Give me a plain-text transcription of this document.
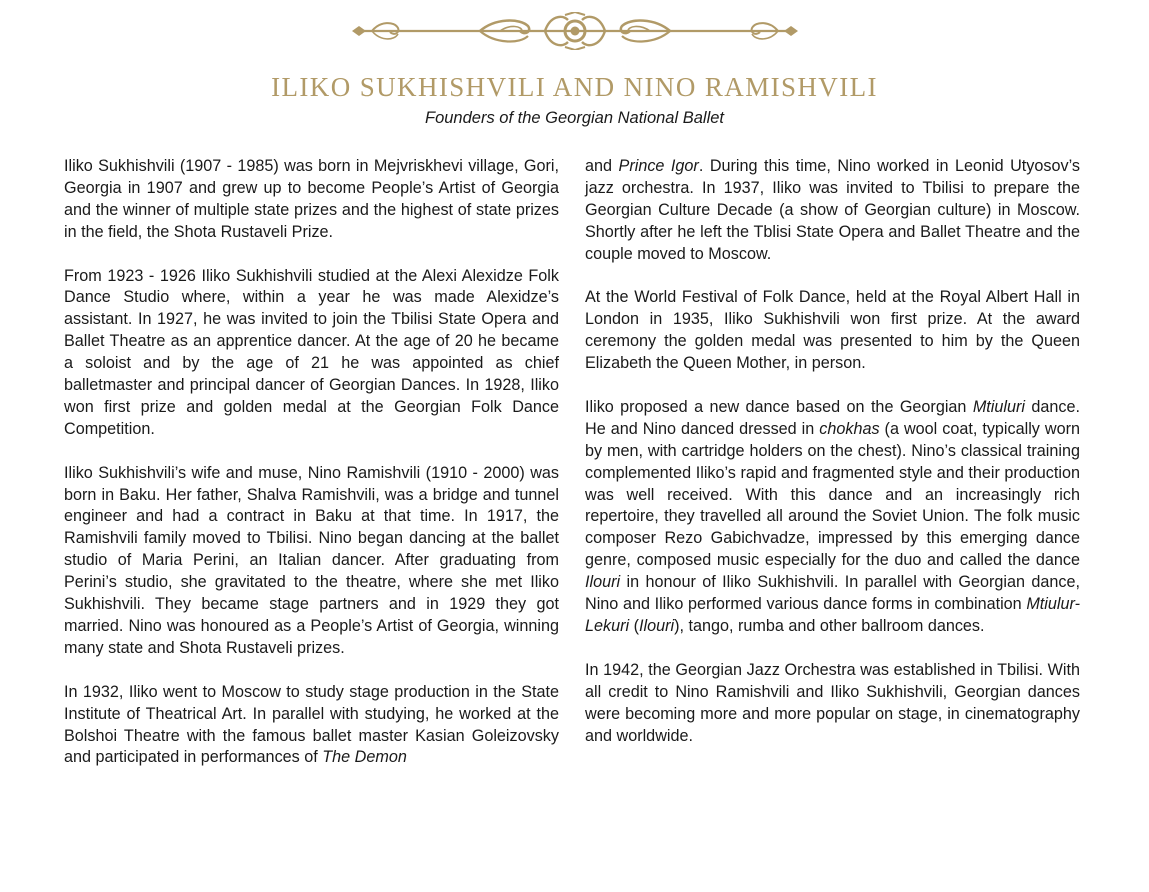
ILIKO SUKHISHVILI AND NINO RAMISHVILI

Founders of the Georgian National Ballet

Iliko Sukhishvili (1907 - 1985) was born in Mejvriskhevi village, Gori, Georgia in 1907 and grew up to become People’s Artist of Georgia and the winner of multiple state prizes and the highest of state prizes in the field, the Shota Rustaveli Prize.

From 1923 - 1926 Iliko Sukhishvili studied at the Alexi Alexidze Folk Dance Studio where, within a year he was made Alexidze’s assistant. In 1927, he was invited to join the Tbilisi State Opera and Ballet Theatre as an apprentice dancer. At the age of 20 he became a soloist and by the age of 21 he was appointed as chief balletmaster and principal dancer of Georgian Dances. In 1928, Iliko won first prize and golden medal at the Georgian Folk Dance Competition.

Iliko Sukhishvili’s wife and muse, Nino Ramishvili (1910 - 2000) was born in Baku. Her father, Shalva Ramishvili, was a bridge and tunnel engineer and had a contract in Baku at that time. In 1917, the Ramishvili family moved to Tbilisi. Nino began dancing at the ballet studio of Maria Perini, an Italian dancer. After graduating from Perini’s studio, she gravitated to the theatre, where she met Iliko Sukhishvili. They became stage partners and in 1929 they got married. Nino was honoured as a People’s Artist of Georgia, winning many state and Shota Rustaveli prizes.

In 1932, Iliko went to Moscow to study stage production in the State Institute of Theatrical Art. In parallel with studying, he worked at the Bolshoi Theatre with the famous ballet master Kasian Goleizovsky and participated in performances of The Demon

and Prince Igor. During this time, Nino worked in Leonid Utyosov’s jazz orchestra. In 1937, Iliko was invited to Tbilisi to prepare the Georgian Culture Decade (a show of Georgian culture) in Moscow. Shortly after he left the Tblisi State Opera and Ballet Theatre and the couple moved to Moscow.

At the World Festival of Folk Dance, held at the Royal Albert Hall in London in 1935, Iliko Sukhishvili won first prize. At the award ceremony the golden medal was presented to him by the Queen Elizabeth the Queen Mother, in person.

Iliko proposed a new dance based on the Georgian Mtiuluri dance. He and Nino danced dressed in chokhas (a wool coat, typically worn by men, with cartridge holders on the chest). Nino’s classical training complemented Iliko’s rapid and fragmented style and their production was well received. With this dance and an increasingly rich repertoire, they travelled all around the Soviet Union. The folk music composer Rezo Gabichvadze, impressed by this emerging dance genre, composed music especially for the duo and called the dance Ilouri in honour of Iliko Sukhishvili. In parallel with Georgian dance, Nino and Iliko performed various dance forms in combination Mtiulur-Lekuri (Ilouri), tango, rumba and other ballroom dances.

In 1942, the Georgian Jazz Orchestra was established in Tbilisi. With all credit to Nino Ramishvili and Iliko Sukhishvili, Georgian dances were becoming more and more popular on stage, in cinematography and worldwide.
